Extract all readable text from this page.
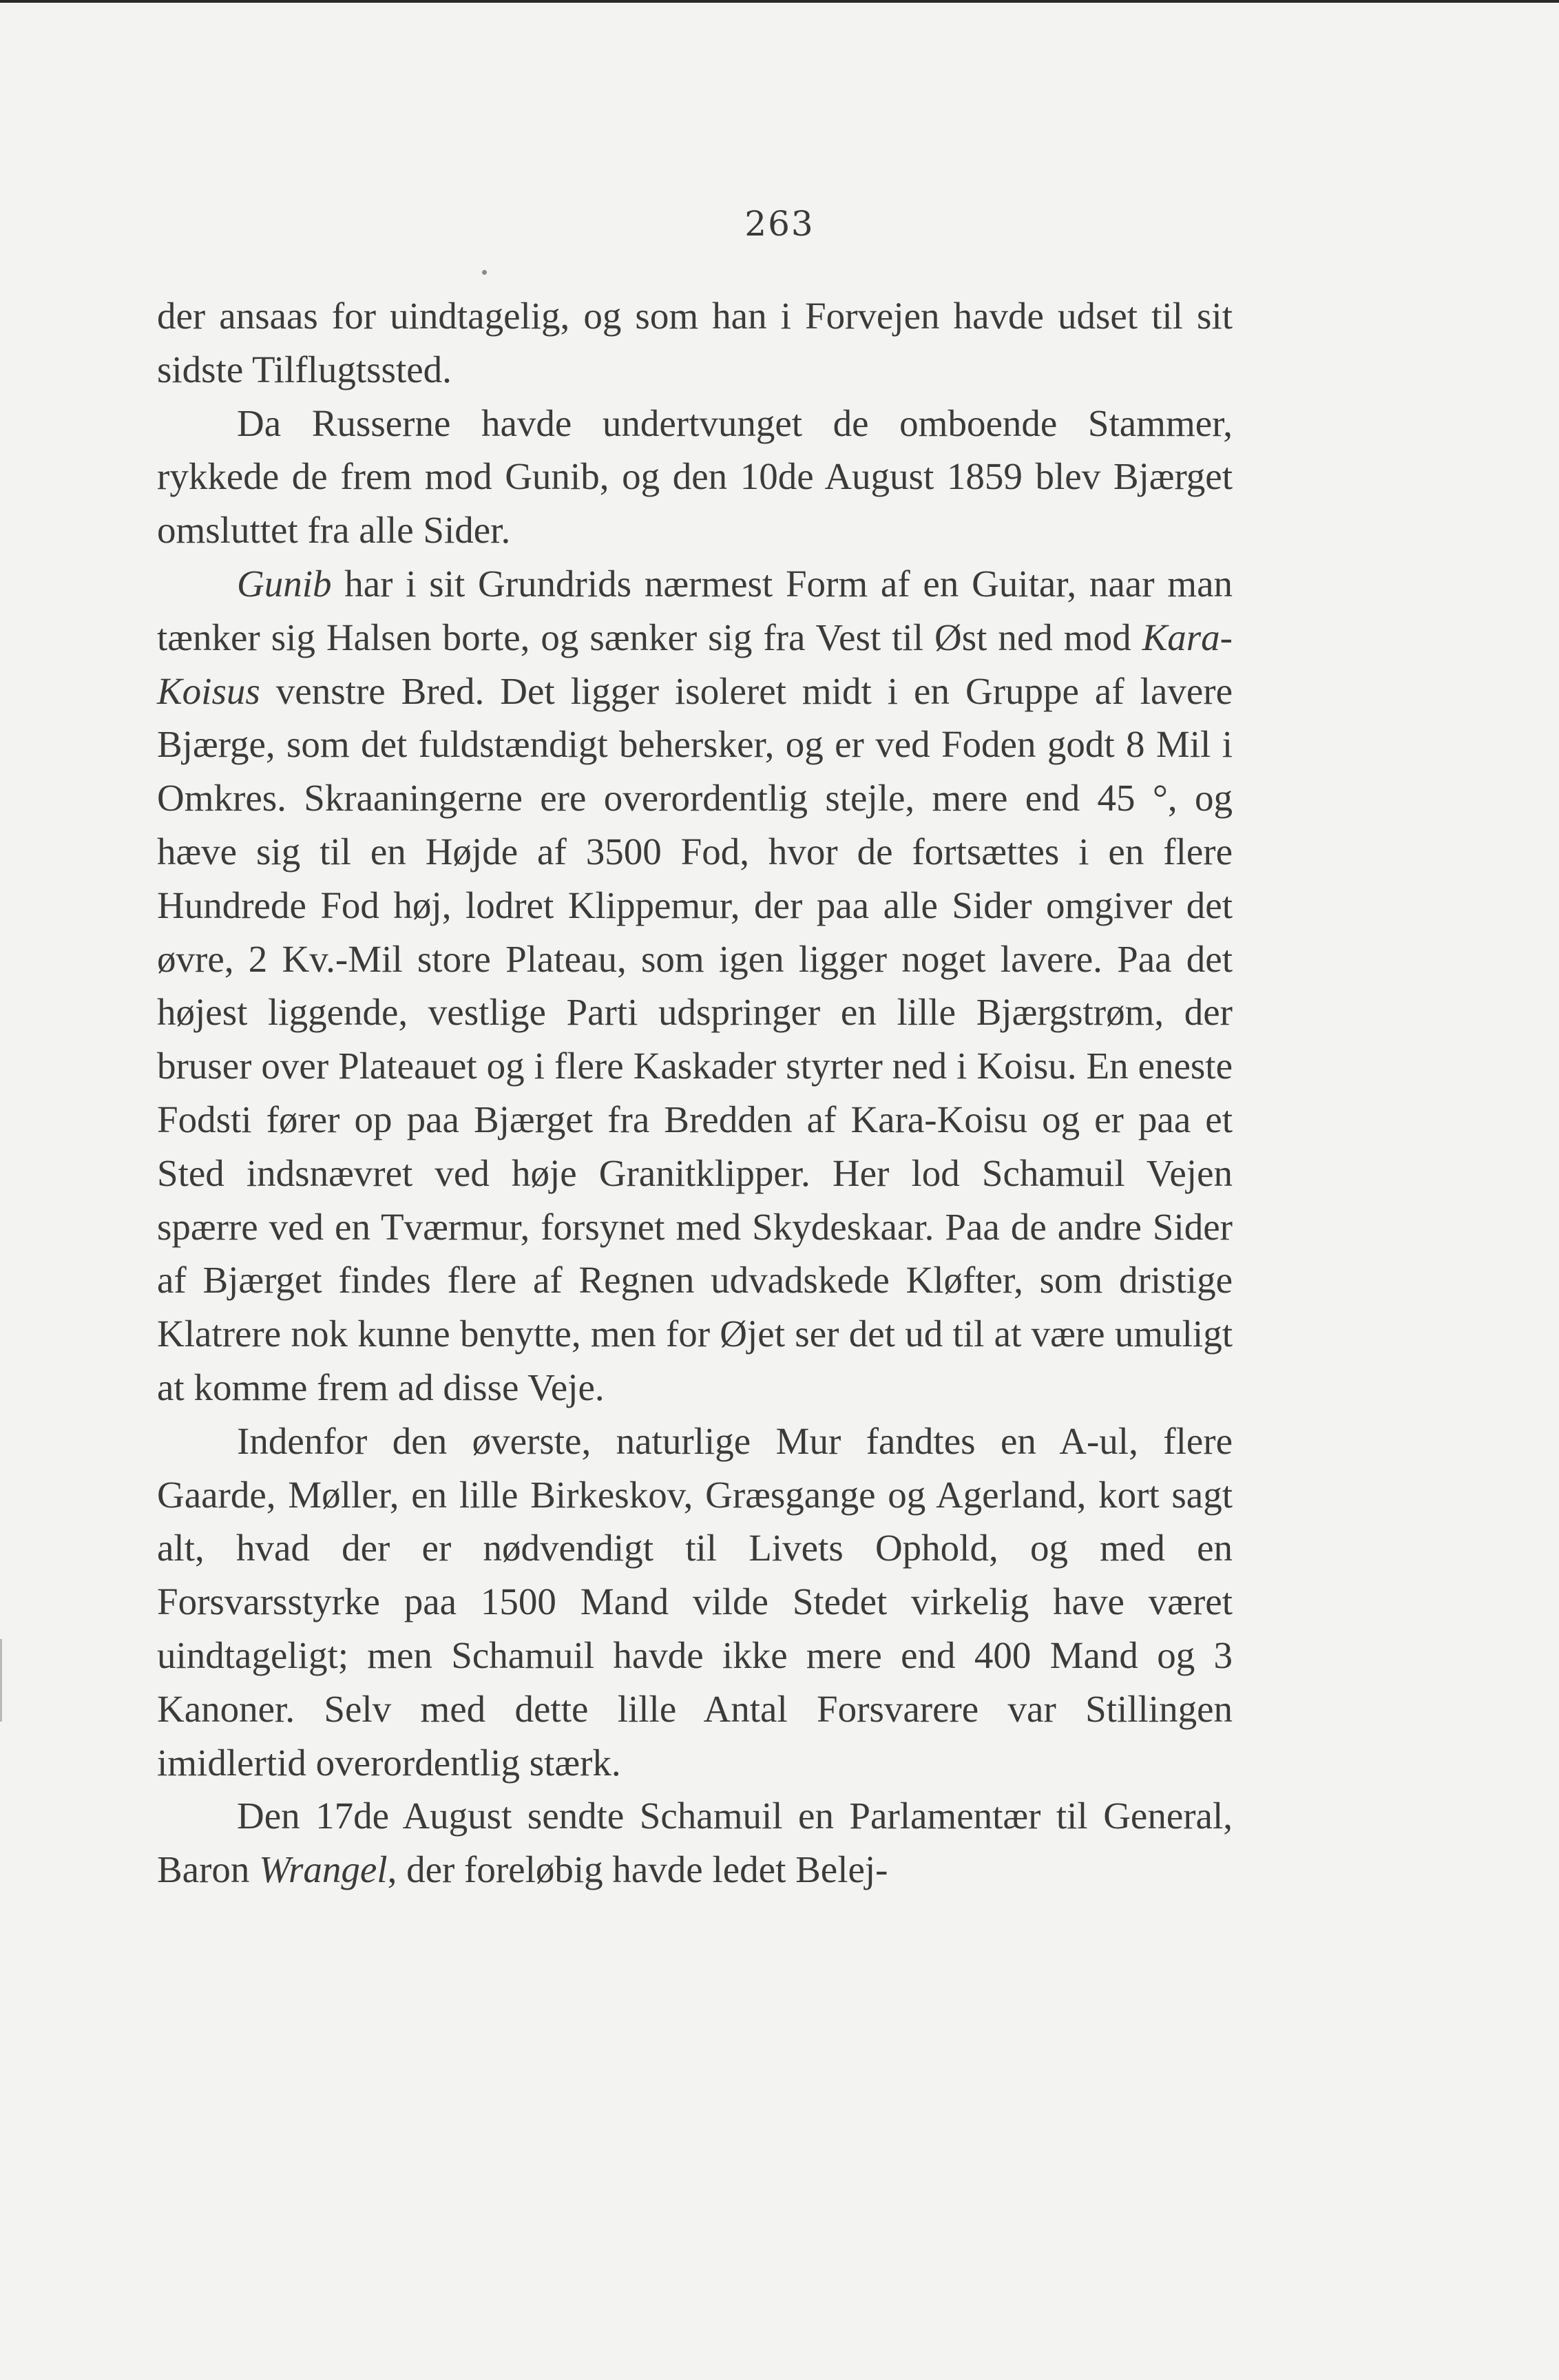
263

der ansaas for uindtagelig, og som han i Forvejen havde udset til sit sidste Tilflugtssted.

Da Russerne havde undertvunget de omboende Stammer, rykkede de frem mod Gunib, og den 10de August 1859 blev Bjærget omsluttet fra alle Sider.

Gunib har i sit Grundrids nærmest Form af en Guitar, naar man tænker sig Halsen borte, og sænker sig fra Vest til Øst ned mod Kara-Koisus venstre Bred. Det ligger isoleret midt i en Gruppe af lavere Bjærge, som det fuldstændigt behersker, og er ved Foden godt 8 Mil i Omkres. Skraaningerne ere overordentlig stejle, mere end 45 °, og hæve sig til en Højde af 3500 Fod, hvor de fortsættes i en flere Hundrede Fod høj, lodret Klippemur, der paa alle Sider omgiver det øvre, 2 Kv.-Mil store Plateau, som igen ligger noget lavere. Paa det højest liggende, vestlige Parti udspringer en lille Bjærgstrøm, der bruser over Plateauet og i flere Kaskader styrter ned i Koisu. En eneste Fodsti fører op paa Bjærget fra Bredden af Kara-Koisu og er paa et Sted indsnævret ved høje Granitklipper. Her lod Schamuil Vejen spærre ved en Tværmur, forsynet med Skydeskaar. Paa de andre Sider af Bjærget findes flere af Regnen udvadskede Kløfter, som dristige Klatrere nok kunne benytte, men for Øjet ser det ud til at være umuligt at komme frem ad disse Veje.

Indenfor den øverste, naturlige Mur fandtes en A-ul, flere Gaarde, Møller, en lille Birkeskov, Græsgange og Agerland, kort sagt alt, hvad der er nødvendigt til Livets Ophold, og med en Forsvarsstyrke paa 1500 Mand vilde Stedet virkelig have været uindtageligt; men Schamuil havde ikke mere end 400 Mand og 3 Kanoner. Selv med dette lille Antal Forsvarere var Stillingen imidlertid overordentlig stærk.

Den 17de August sendte Schamuil en Parlamentær til General, Baron Wrangel, der foreløbig havde ledet Belej-
